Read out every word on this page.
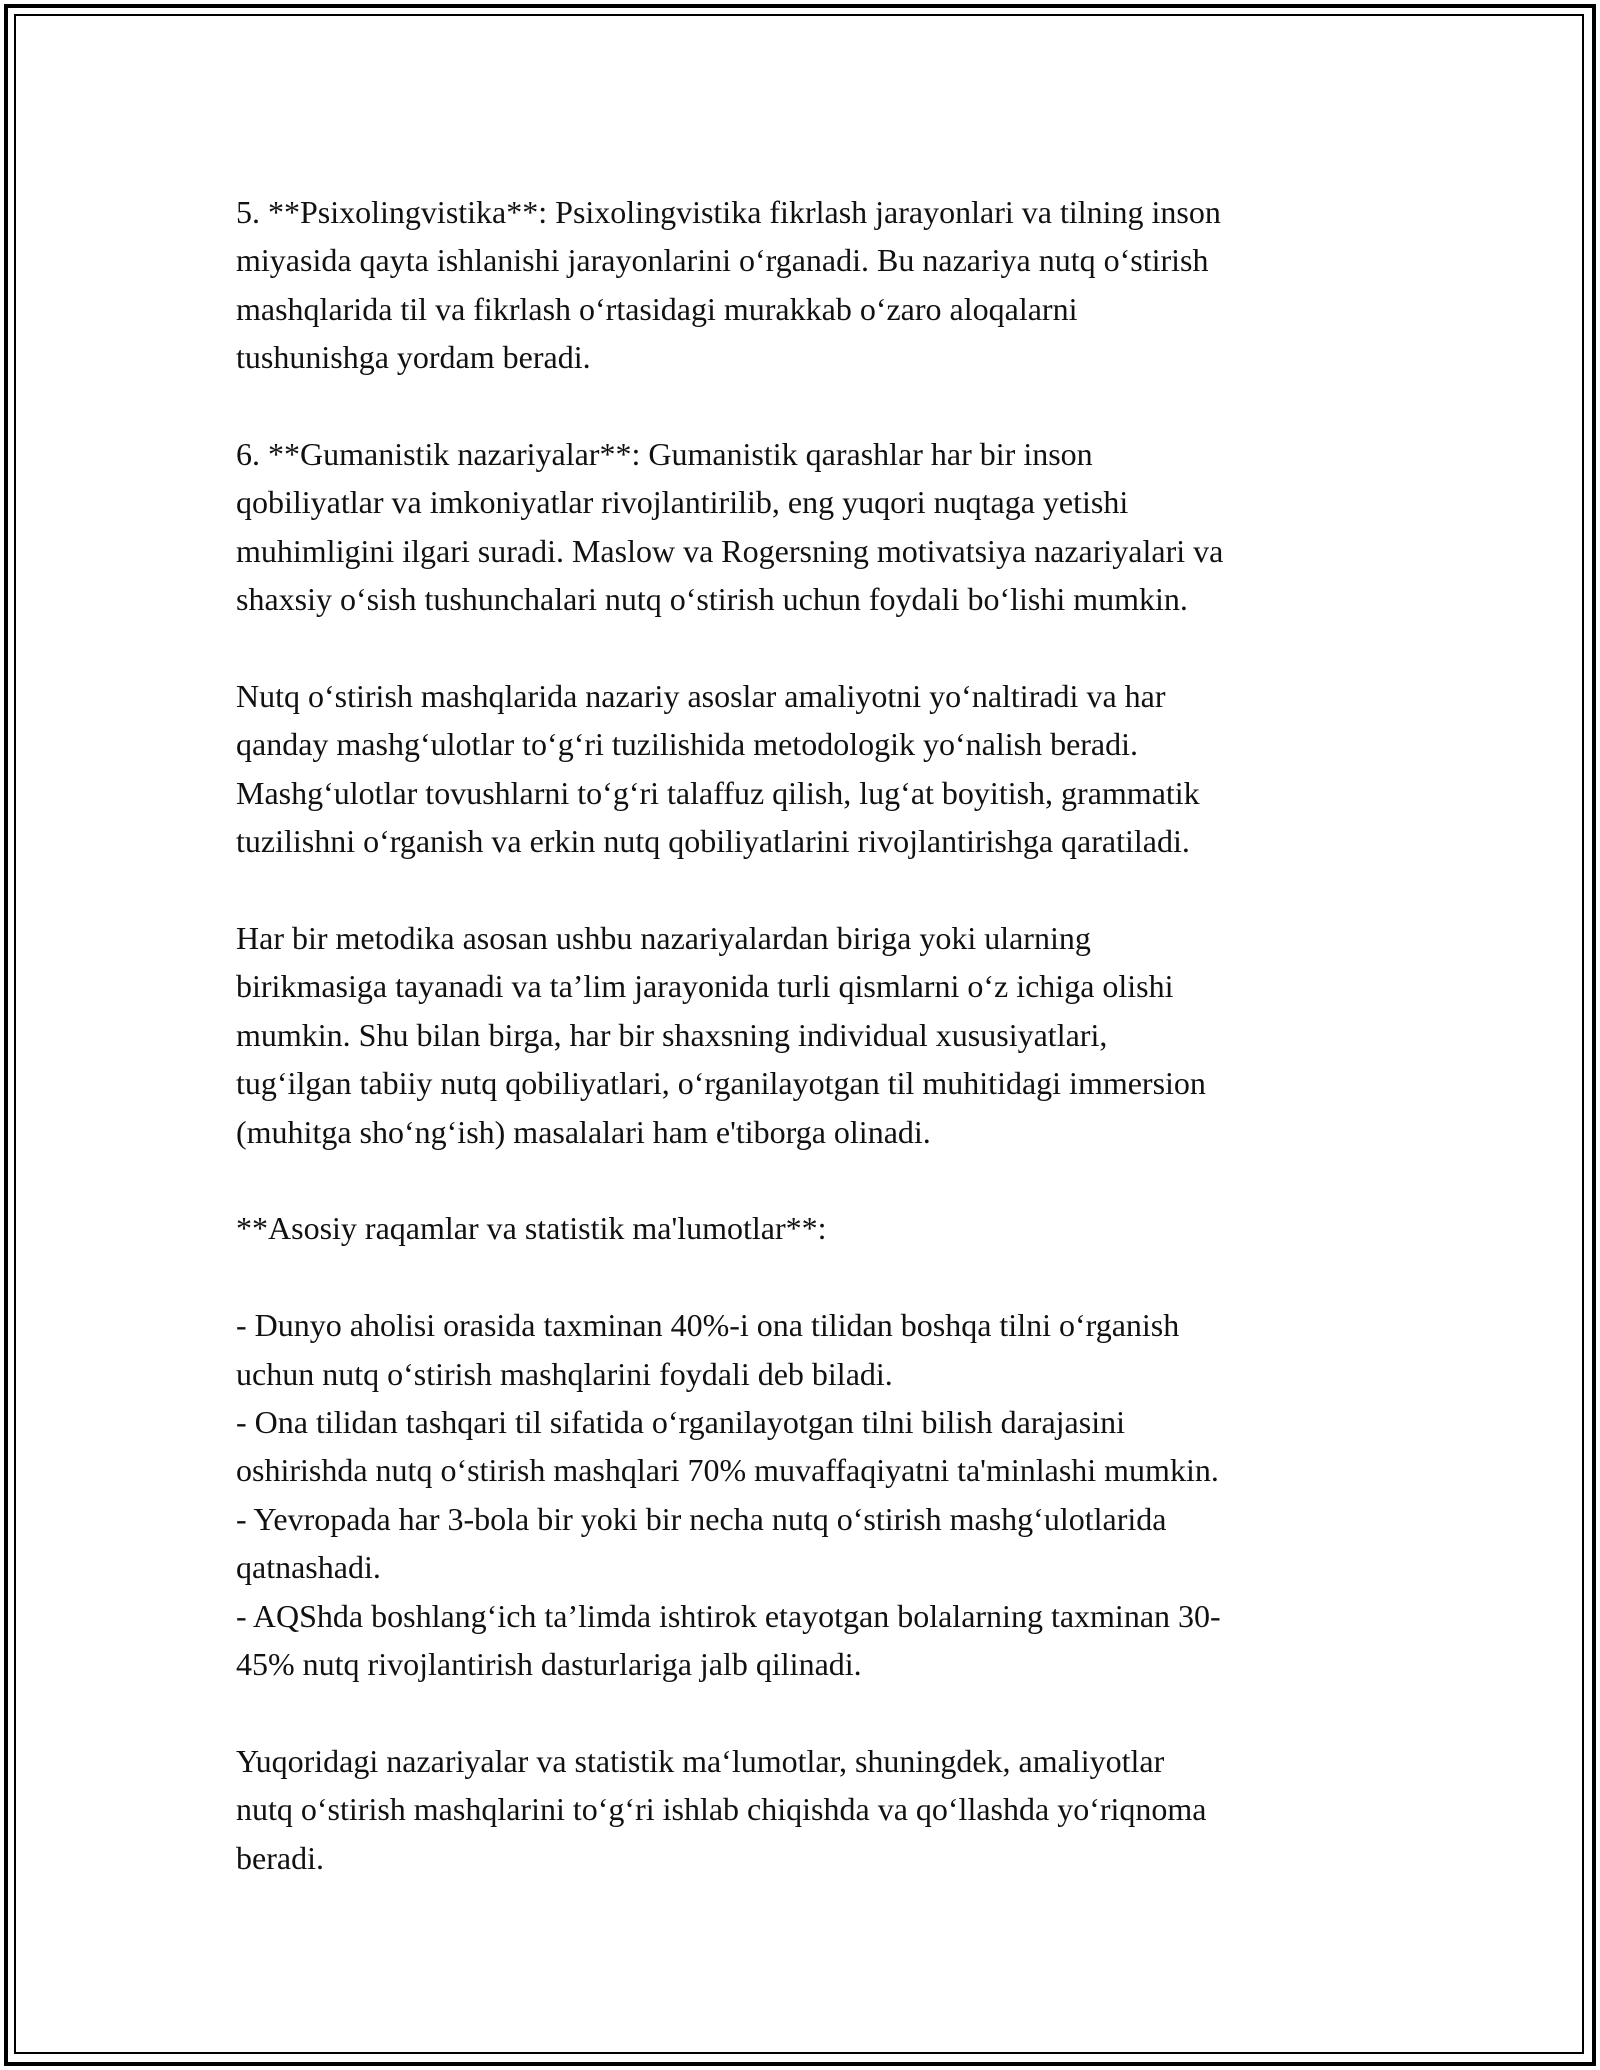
5. **Psixolingvistika**: Psixolingvistika fikrlash jarayonlari va tilning inson
miyasida qayta ishlanishi jarayonlarini o‘rganadi. Bu nazariya nutq o‘stirish
mashqlarida til va fikrlash o‘rtasidagi murakkab o‘zaro aloqalarni
tushunishga yordam beradi.

6. **Gumanistik nazariyalar**: Gumanistik qarashlar har bir inson
qobiliyatlar va imkoniyatlar rivojlantirilib, eng yuqori nuqtaga yetishi
muhimligini ilgari suradi. Maslow va Rogersning motivatsiya nazariyalari va
shaxsiy o‘sish tushunchalari nutq o‘stirish uchun foydali bo‘lishi mumkin.

Nutq o‘stirish mashqlarida nazariy asoslar amaliyotni yo‘naltiradi va har
qanday mashg‘ulotlar to‘g‘ri tuzilishida metodologik yo‘nalish beradi.
Mashg‘ulotlar tovushlarni to‘g‘ri talaffuz qilish, lug‘at boyitish, grammatik
tuzilishni o‘rganish va erkin nutq qobiliyatlarini rivojlantirishga qaratiladi.

Har bir metodika asosan ushbu nazariyalardan biriga yoki ularning
birikmasiga tayanadi va ta’lim jarayonida turli qismlarni o‘z ichiga olishi
mumkin. Shu bilan birga, har bir shaxsning individual xususiyatlari,
tug‘ilgan tabiiy nutq qobiliyatlari, o‘rganilayotgan til muhitidagi immersion
(muhitga sho‘ng‘ish) masalalari ham e'tiborga olinadi.

**Asosiy raqamlar va statistik ma'lumotlar**:

- Dunyo aholisi orasida taxminan 40%-i ona tilidan boshqa tilni o‘rganish
uchun nutq o‘stirish mashqlarini foydali deb biladi.
- Ona tilidan tashqari til sifatida o‘rganilayotgan tilni bilish darajasini
oshirishda nutq o‘stirish mashqlari 70% muvaffaqiyatni ta'minlashi mumkin.
- Yevropada har 3-bola bir yoki bir necha nutq o‘stirish mashg‘ulotlarida
qatnashadi.
- AQShda boshlang‘ich ta’limda ishtirok etayotgan bolalarning taxminan 30-
45% nutq rivojlantirish dasturlariga jalb qilinadi.

Yuqoridagi nazariyalar va statistik ma‘lumotlar, shuningdek, amaliyotlar
nutq o‘stirish mashqlarini to‘g‘ri ishlab chiqishda va qo‘llashda yo‘riqnoma
beradi.
